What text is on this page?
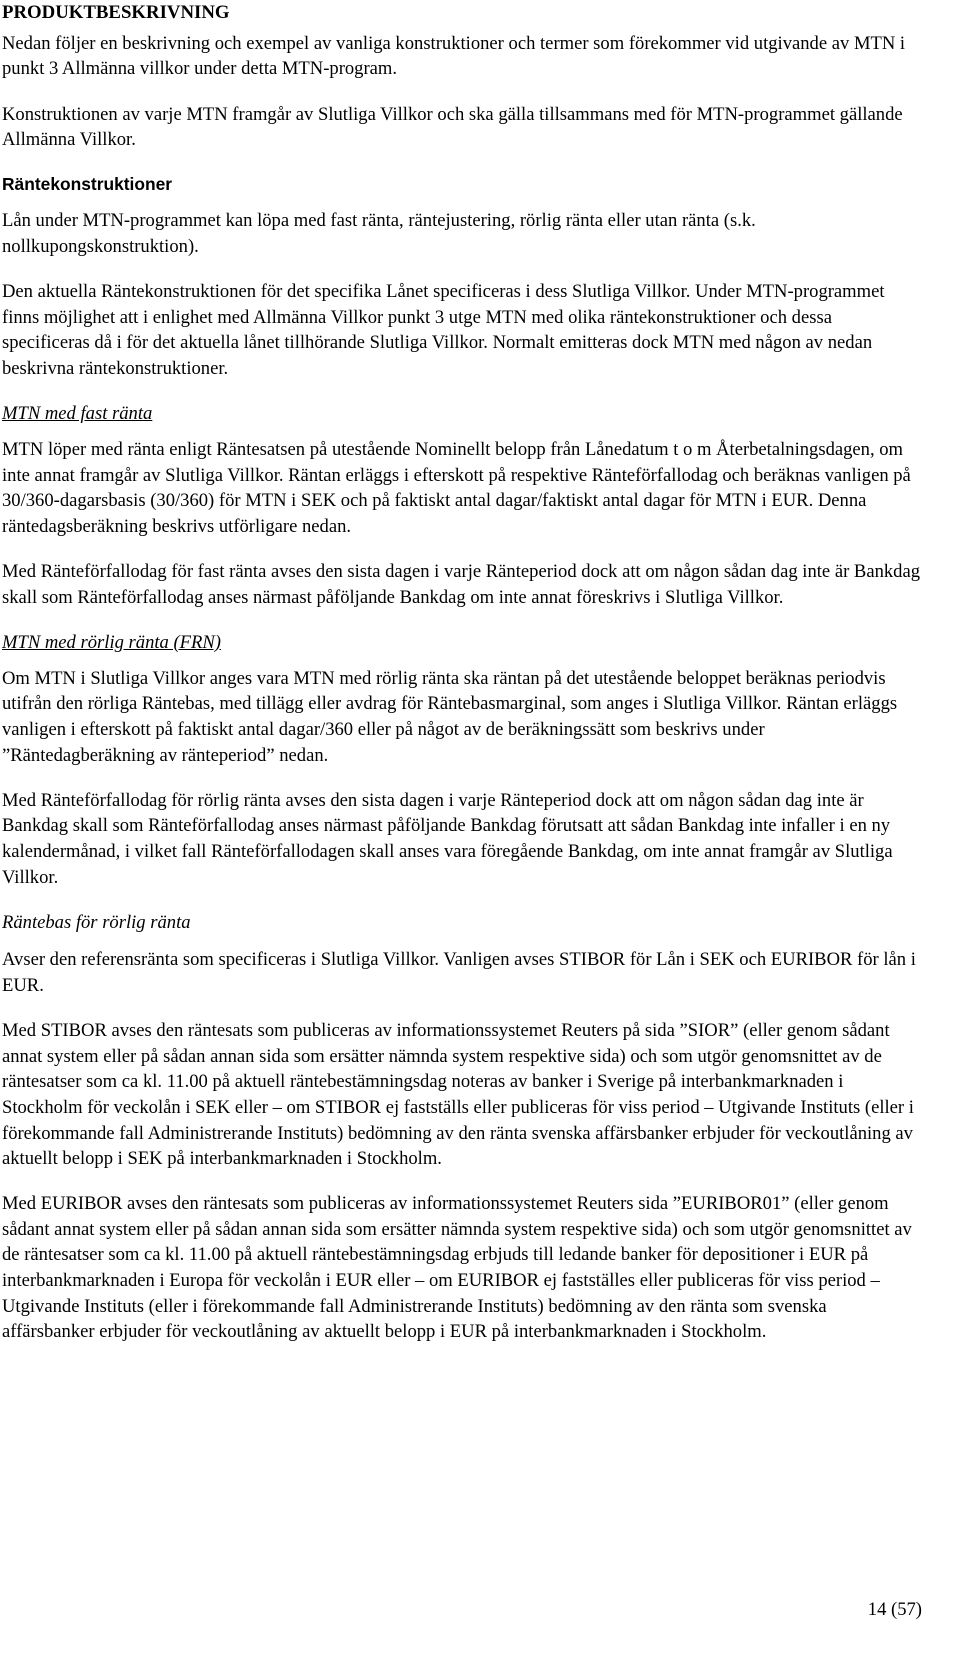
PRODUKTBESKRIVNING

Nedan följer en beskrivning och exempel av vanliga konstruktioner och termer som förekommer vid utgivande av MTN i punkt 3 Allmänna villkor under detta MTN-program.

Konstruktionen av varje MTN framgår av Slutliga Villkor och ska gälla tillsammans med för MTN-programmet gällande Allmänna Villkor.

Räntekonstruktioner

Lån under MTN-programmet kan löpa med fast ränta, räntejustering, rörlig ränta eller utan ränta (s.k. nollkupongskonstruktion).

Den aktuella Räntekonstruktionen för det specifika Lånet specificeras i dess Slutliga Villkor. Under MTN-programmet finns möjlighet att i enlighet med Allmänna Villkor punkt 3 utge MTN med olika räntekonstruktioner och dessa specificeras då i för det aktuella lånet tillhörande Slutliga Villkor. Normalt emitteras dock MTN med någon av nedan beskrivna räntekonstruktioner.

MTN med fast ränta

MTN löper med ränta enligt Räntesatsen på utestående Nominellt belopp från Lånedatum t o m Återbetalningsdagen, om inte annat framgår av Slutliga Villkor. Räntan erläggs i efterskott på respektive Ränteförfallodag och beräknas vanligen på 30/360-dagarsbasis (30/360) för MTN i SEK och på faktiskt antal dagar/faktiskt antal dagar för MTN i EUR. Denna räntedagsberäkning beskrivs utförligare nedan.

Med Ränteförfallodag för fast ränta avses den sista dagen i varje Ränteperiod dock att om någon sådan dag inte är Bankdag skall som Ränteförfallodag anses närmast påföljande Bankdag om inte annat föreskrivs i Slutliga Villkor.

MTN med rörlig ränta (FRN)

Om MTN i Slutliga Villkor anges vara MTN med rörlig ränta ska räntan på det utestående beloppet beräknas periodvis utifrån den rörliga Räntebas, med tillägg eller avdrag för Räntebasmarginal, som anges i Slutliga Villkor. Räntan erläggs vanligen i efterskott på faktiskt antal dagar/360 eller på något av de beräkningssätt som beskrivs under ”Räntedagberäkning av ränteperiod” nedan.

Med Ränteförfallodag för rörlig ränta avses den sista dagen i varje Ränteperiod dock att om någon sådan dag inte är Bankdag skall som Ränteförfallodag anses närmast påföljande Bankdag förutsatt att sådan Bankdag inte infaller i en ny kalendermånad, i vilket fall Ränteförfallodagen skall anses vara föregående Bankdag, om inte annat framgår av Slutliga Villkor.

Räntebas för rörlig ränta

Avser den referensränta som specificeras i Slutliga Villkor. Vanligen avses STIBOR för Lån i SEK och EURIBOR för lån i EUR.

Med STIBOR avses den räntesats som publiceras av informationssystemet Reuters på sida ”SIOR” (eller genom sådant annat system eller på sådan annan sida som ersätter nämnda system respektive sida) och som utgör genomsnittet av de räntesatser som ca kl. 11.00 på aktuell räntebestämningsdag noteras av banker i Sverige på interbankmarknaden i Stockholm för veckolån i SEK eller – om STIBOR ej fastställs eller publiceras för viss period – Utgivande Instituts (eller i förekommande fall Administrerande Instituts) bedömning av den ränta svenska affärsbanker erbjuder för veckoutlåning av aktuellt belopp i SEK på interbankmarknaden i Stockholm.

Med EURIBOR avses den räntesats som publiceras av informationssystemet Reuters sida ”EURIBOR01” (eller genom sådant annat system eller på sådan annan sida som ersätter nämnda system respektive sida) och som utgör genomsnittet av de räntesatser som ca kl. 11.00 på aktuell räntebestämningsdag erbjuds till ledande banker för depositioner i EUR på interbankmarknaden i Europa för veckolån i EUR eller – om EURIBOR ej fastställes eller publiceras för viss period – Utgivande Instituts (eller i förekommande fall Administrerande Instituts) bedömning av den ränta som svenska affärsbanker erbjuder för veckoutlåning av aktuellt belopp i EUR på interbankmarknaden i Stockholm.

14 (57)
